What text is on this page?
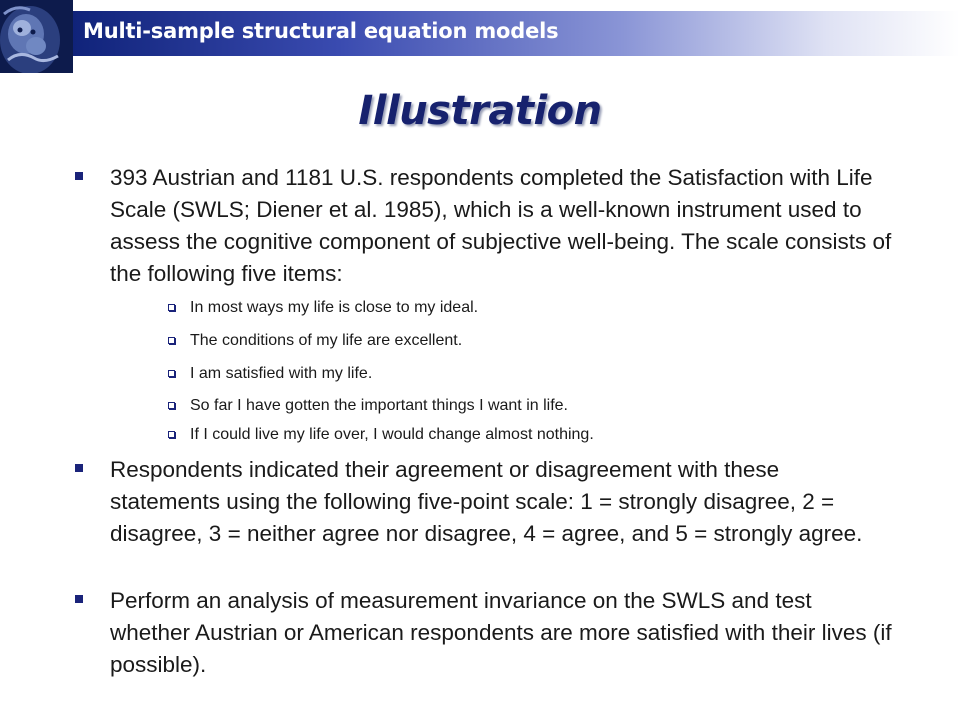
Multi-sample structural equation models
Illustration
393 Austrian and 1181 U.S. respondents completed the Satisfaction with Life Scale (SWLS; Diener et al. 1985), which is a well-known instrument used to assess the cognitive component of subjective well-being. The scale consists of the following five items:
In most ways my life is close to my ideal.
The conditions of my life are excellent.
I am satisfied with my life.
So far I have gotten the important things I want in life.
If I could live my life over, I would change almost nothing.
Respondents indicated their agreement or disagreement with these statements using the following five-point scale: 1 = strongly disagree, 2 = disagree, 3 = neither agree nor disagree, 4 = agree, and 5 = strongly agree.
Perform an analysis of measurement invariance on the SWLS and test whether Austrian or American respondents are more satisfied with their lives (if possible).
